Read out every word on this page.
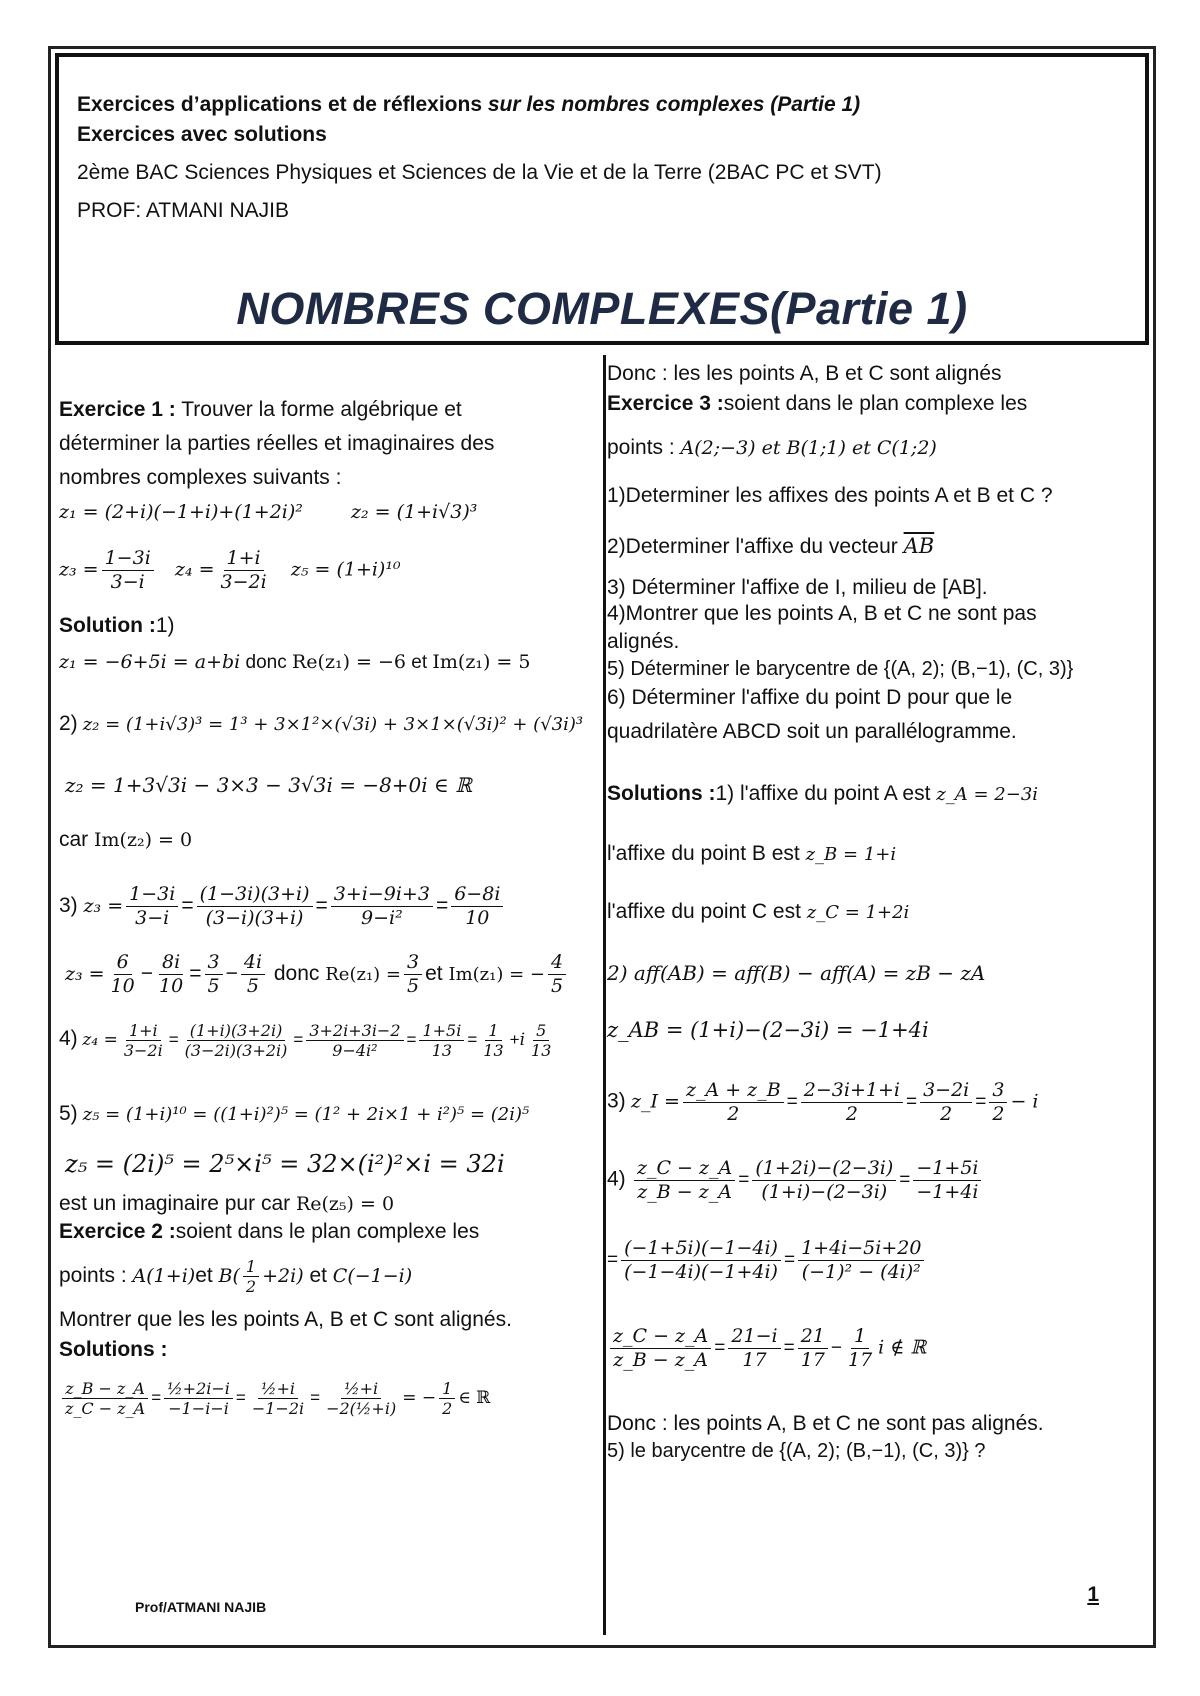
Exercices d’applications et de réflexions sur les nombres complexes (Partie 1)
Exercices avec solutions
2ème BAC Sciences Physiques et Sciences de la Vie et de la Terre (2BAC PC et SVT)
PROF: ATMANI NAJIB
NOMBRES COMPLEXES(Partie 1)
Exercice 1 : Trouver la forme algébrique et
déterminer la parties réelles et imaginaires des
nombres complexes suivants :
z₁ = (2+i)(−1+i)+(1+2i)²	z₂ = (1+i√3)³
$z_3 = \frac{1-3i}{3-i} z_4 = \frac{1+i}{3-2i} z_5 = (1+i)^{10}$
Solution :1)
z₁ = −6+5i = a+bi donc Re(z₁) = −6 et Im(z₁) = 5
2) z₂ = (1+i√3)³ = 1³ + 3×1²×(√3i) + 3×1×(√3i)² + (√3i)³
z₂ = 1+3√3i − 3×3 − 3√3i = −8+0i ∈ ℝ
car Im(z₂) = 0
3) $z_3 = \frac{1-3i}{3-i} = \frac{(1-3i)(3+i)}{(3-i)(3+i)} = \frac{3+i-9i+3}{\text{9−i²}} = \frac{6-8i}{10}$
$z_3 = \frac{6}{10} - \frac{8i}{10} = \frac{3}{5} - \frac{4i}{5}$ donc $Re(z_1) = \frac{3}{5}$ et Im(z₁) = − $\frac{4}{5}$
4) $z_4 = \frac{1+i}{3-2i} = \frac{(1+i)(3+2i)}{(3-2i)(3+2i)} = \frac{3+2i+3i-2}{\text{9−4i²}} = \frac{1+5i}{13} = \frac{1}{13} +i \frac{5}{13}$
5) z₅ = (1+i)¹⁰ = ((1+i)²)⁵ = (1² + 2i×1 + i²)⁵ = (2i)⁵
z₅ = (2i)⁵ = 2⁵×i⁵ = 32×(i²)²×i = 32i
est un imaginaire pur car Re(z₅) = 0
Exercice 2 :soient dans le plan complexe les
points : A(1+i)et $B( \frac{1}{2} +2i)$ et C(−1−i)
Montrer que les les points A, B et C sont alignés.
Solutions :
$\frac{z\_B - z\_A}{z\_C - z\_A} = \frac{\text{½+2i−i}}{-1-i-i} = \frac{\text{½+i}}{-1-2i} = \frac{\text{½+i}}{\text{−2(½+i)}}$ = − $\frac{1}{2}$ ∈ ℝ
Donc : les les points A, B et C sont alignés
Exercice 3 :soient dans le plan complexe les
points : A(2;−3) et B(1;1) et C(1;2)
1)Determiner les affixes des points A et B et C ?
2)Determiner l'affixe du vecteur $\overline{AB}$
3) Déterminer l'affixe de I, milieu de [AB].
4)Montrer que les points A, B et C ne sont pas
alignés.
5) Déterminer le barycentre de {(A, 2); (B,−1), (C, 3)}
6) Déterminer l'affixe du point D pour que le
quadrilatère ABCD soit un parallélogramme.
Solutions :1) l'affixe du point A est z_A = 2−3i
l'affixe du point B est z_B = 1+i
l'affixe du point C est z_C = 1+2i
2) aff(AB) = aff(B) − aff(A) = zB − zA
z_AB = (1+i)−(2−3i) = −1+4i
3) z_I = $\frac{z\_A + z\_B}{2} = \frac{2-3i+1+i}{2} = \frac{3-2i}{2} = \frac{3}{2} - i$
$4) \frac{z\_C - z\_A}{z\_B - z\_A} = \frac{(1+2i)-(2-3i)}{(1+i)-(2-3i)} = \frac{-1+5i}{-1+4i}$
= $\frac{(-1+5i)(-1-4i)}{(-1-4i)(-1+4i)} = \frac{1+4i-5i+20}{\text{(−1)² − (4i)²}}$
$\frac{z\_C - z\_A}{z\_B - z\_A} = \frac{21-i}{17} = \frac{21}{17} - \frac{1}{17}$ i ∉ ℝ
Donc : les points A, B et C ne sont pas alignés.
5) le barycentre de {(A, 2); (B,−1), (C, 3)} ?
Prof/ATMANI NAJIB
1
